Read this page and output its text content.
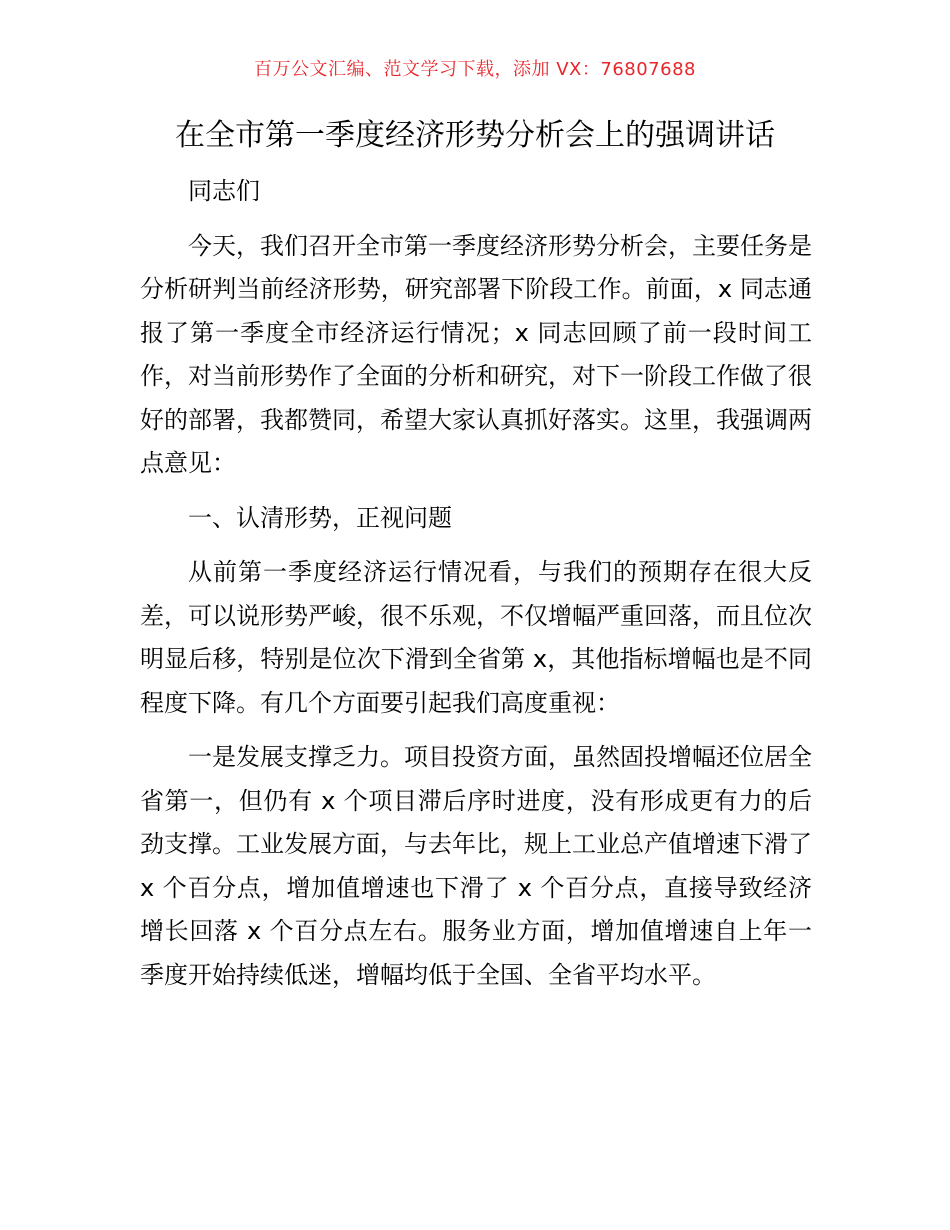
百万公文汇编、范文学习下载，添加 VX：76807688
在全市第一季度经济形势分析会上的强调讲话

同志们

今天，我们召开全市第一季度经济形势分析会，主要任务是分析研判当前经济形势，研究部署下阶段工作。前面，x 同志通报了第一季度全市经济运行情况；x 同志回顾了前一段时间工作，对当前形势作了全面的分析和研究，对下一阶段工作做了很好的部署，我都赞同，希望大家认真抓好落实。这里，我强调两点意见：

一、认清形势，正视问题

从前第一季度经济运行情况看，与我们的预期存在很大反差，可以说形势严峻，很不乐观，不仅增幅严重回落，而且位次明显后移，特别是位次下滑到全省第 x，其他指标增幅也是不同程度下降。有几个方面要引起我们高度重视：

一是发展支撑乏力。项目投资方面，虽然固投增幅还位居全省第一，但仍有 x 个项目滞后序时进度，没有形成更有力的后劲支撑。工业发展方面，与去年比，规上工业总产值增速下滑了 x 个百分点，增加值增速也下滑了 x 个百分点，直接导致经济增长回落 x 个百分点左右。服务业方面，增加值增速自上年一季度开始持续低迷，增幅均低于全国、全省平均水平。
